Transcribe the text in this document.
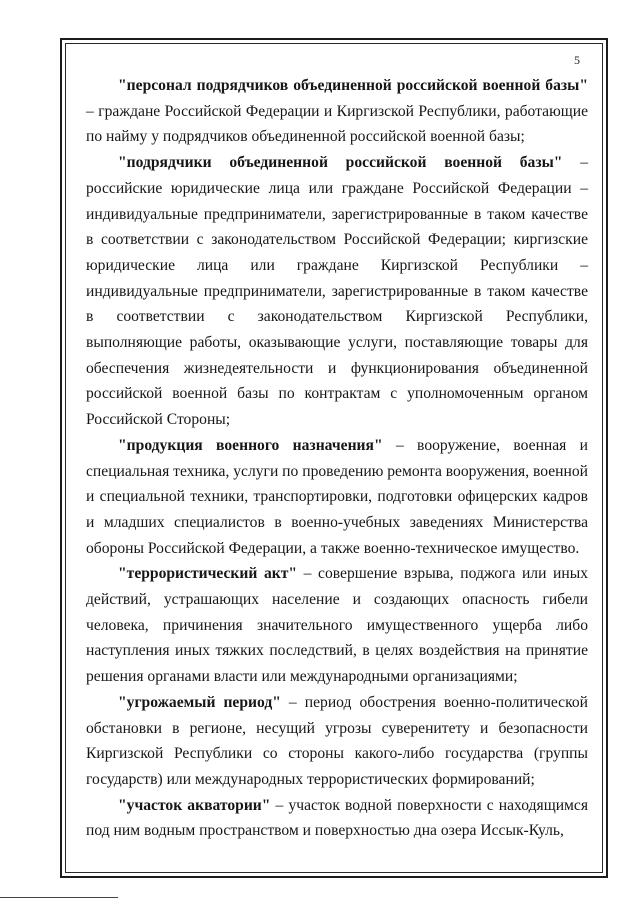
5

"персонал подрядчиков объединенной российской военной базы" – граждане Российской Федерации и Киргизской Республики, работающие по найму у подрядчиков объединенной российской военной базы;

"подрядчики объединенной российской военной базы" – российские юридические лица или граждане Российской Федерации – индивидуальные предприниматели, зарегистрированные в таком качестве в соответствии с законодательством Российской Федерации; киргизские юридические лица или граждане Киргизской Республики – индивидуальные предприниматели, зарегистрированные в таком качестве в соответствии с законодательством Киргизской Республики, выполняющие работы, оказывающие услуги, поставляющие товары для обеспечения жизнедеятельности и функционирования объединенной российской военной базы по контрактам с уполномоченным органом Российской Стороны;

"продукция военного назначения" – вооружение, военная и специальная техника, услуги по проведению ремонта вооружения, военной и специальной техники, транспортировки, подготовки офицерских кадров и младших специалистов в военно-учебных заведениях Министерства обороны Российской Федерации, а также военно-техническое имущество.

"террористический акт" – совершение взрыва, поджога или иных действий, устрашающих население и создающих опасность гибели человека, причинения значительного имущественного ущерба либо наступления иных тяжких последствий, в целях воздействия на принятие решения органами власти или международными организациями;

"угрожаемый период" – период обострения военно-политической обстановки в регионе, несущий угрозы суверенитету и безопасности Киргизской Республики со стороны какого-либо государства (группы государств) или международных террористических формирований;

"участок акватории" – участок водной поверхности с находящимся под ним водным пространством и поверхностью дна озера Иссык-Куль,
